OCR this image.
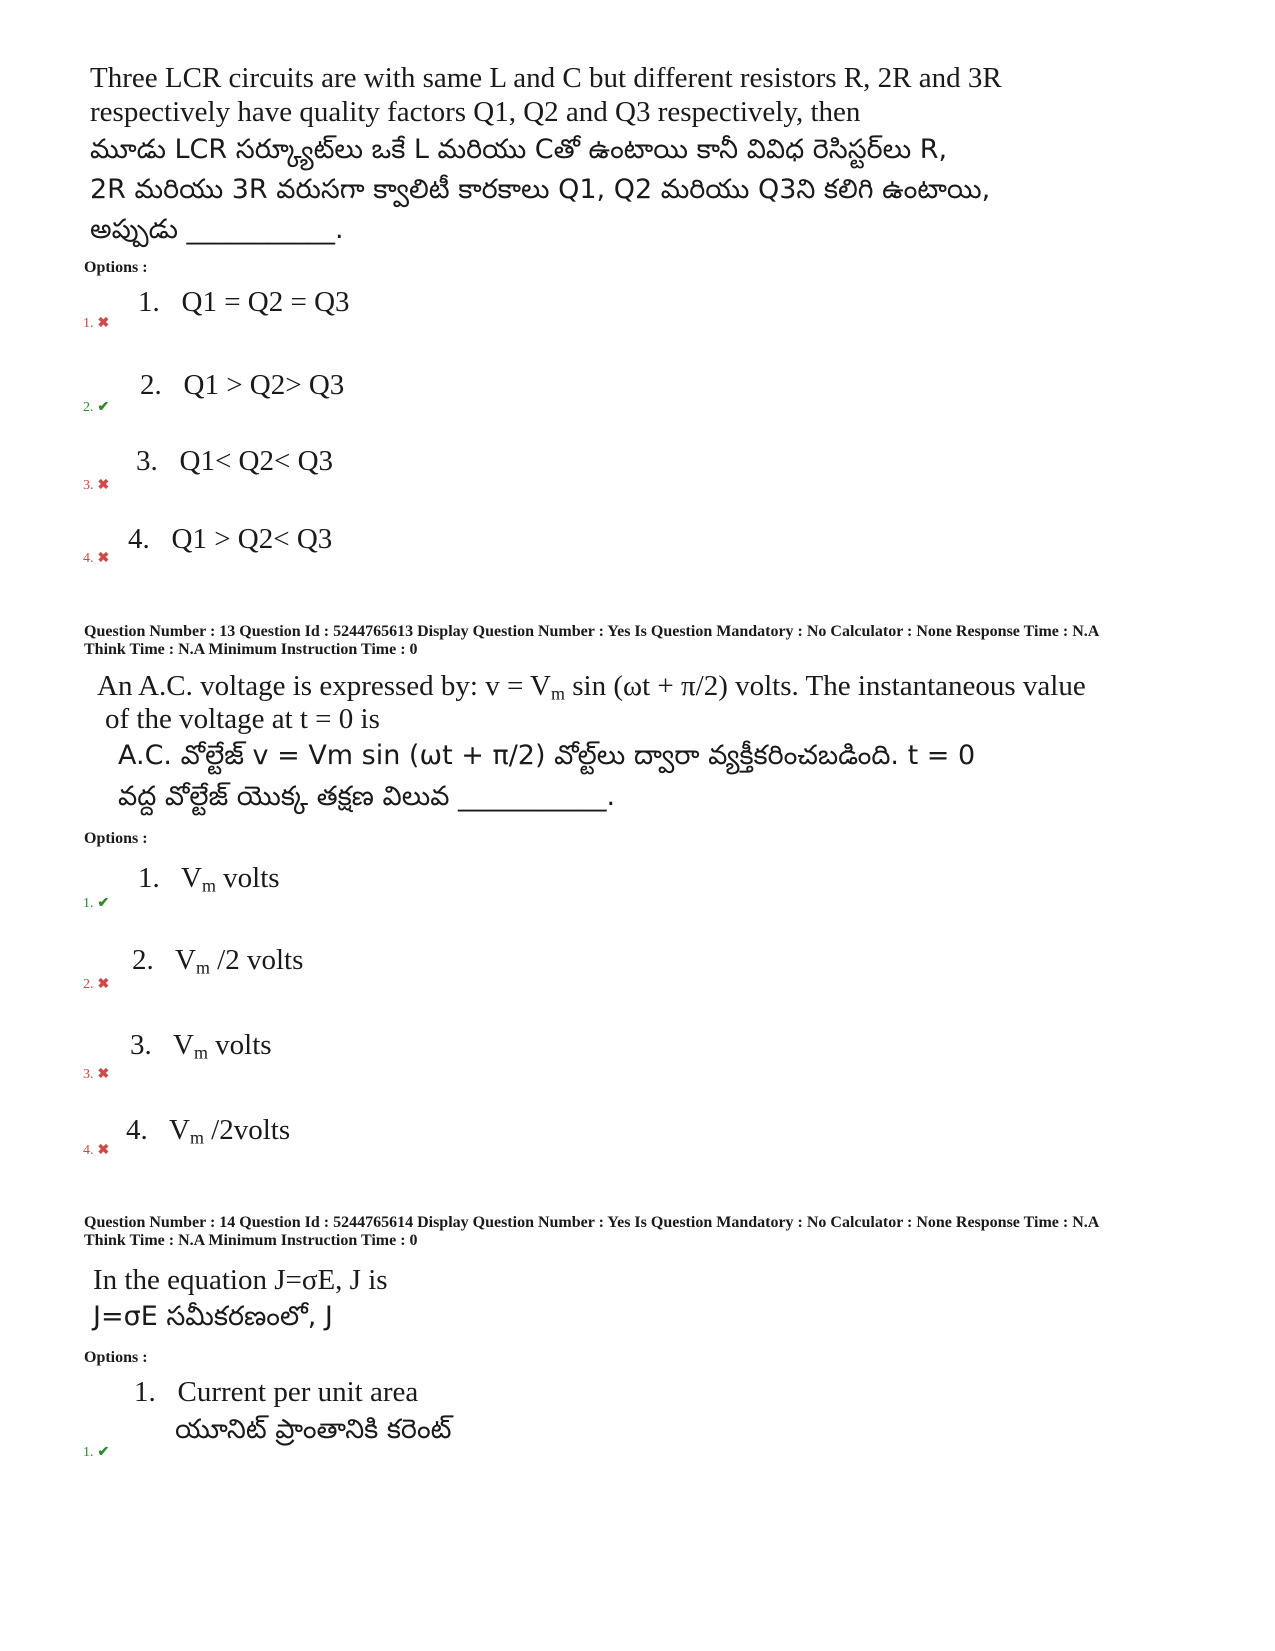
Three LCR circuits are with same L and C but different resistors R, 2R and 3R
respectively have quality factors Q1, Q2 and Q3 respectively, then
మూడు LCR సర్క్యూట్‌లు ఒకే L మరియు Cతో ఉంటాయి కానీ వివిధ రెసిస్టర్‌లు R,
2R మరియు 3R వరుసగా క్వాలిటీ కారకాలు Q1, Q2 మరియు Q3ని కలిగి ఉంటాయి,
అప్పుడు ___________.
Options :
1. Q1 = Q2 = Q3
1. ✖
2. Q1 > Q2> Q3
2. ✔
3. Q1< Q2< Q3
3. ✖
4. Q1 > Q2< Q3
4. ✖
Question Number : 13 Question Id : 5244765613 Display Question Number : Yes Is Question Mandatory : No Calculator : None Response Time : N.A
Think Time : N.A Minimum Instruction Time : 0
An A.C. voltage is expressed by: $v = V_m$ sin (ωt + π/2) volts. The instantaneous value
of the voltage at t = 0 is
A.C. వోల్టేజ్ v = Vm sin (ωt + π/2) వోల్ట్‌లు ద్వారా వ్యక్తీకరించబడింది. t = 0
వద్ద వోల్టేజ్ యొక్క తక్షణ విలువ ___________.
Options :
1. $V_m$ volts
1. ✔
2. $V_m$ /2 volts
2. ✖
3. $V_m$ volts
3. ✖
4. $V_m$ /2volts
4. ✖
Question Number : 14 Question Id : 5244765614 Display Question Number : Yes Is Question Mandatory : No Calculator : None Response Time : N.A
Think Time : N.A Minimum Instruction Time : 0
In the equation J=σE, J is
J=σE సమీకరణంలో, J
Options :
1. Current per unit area
యూనిట్ ప్రాంతానికి కరెంట్
1. ✔
